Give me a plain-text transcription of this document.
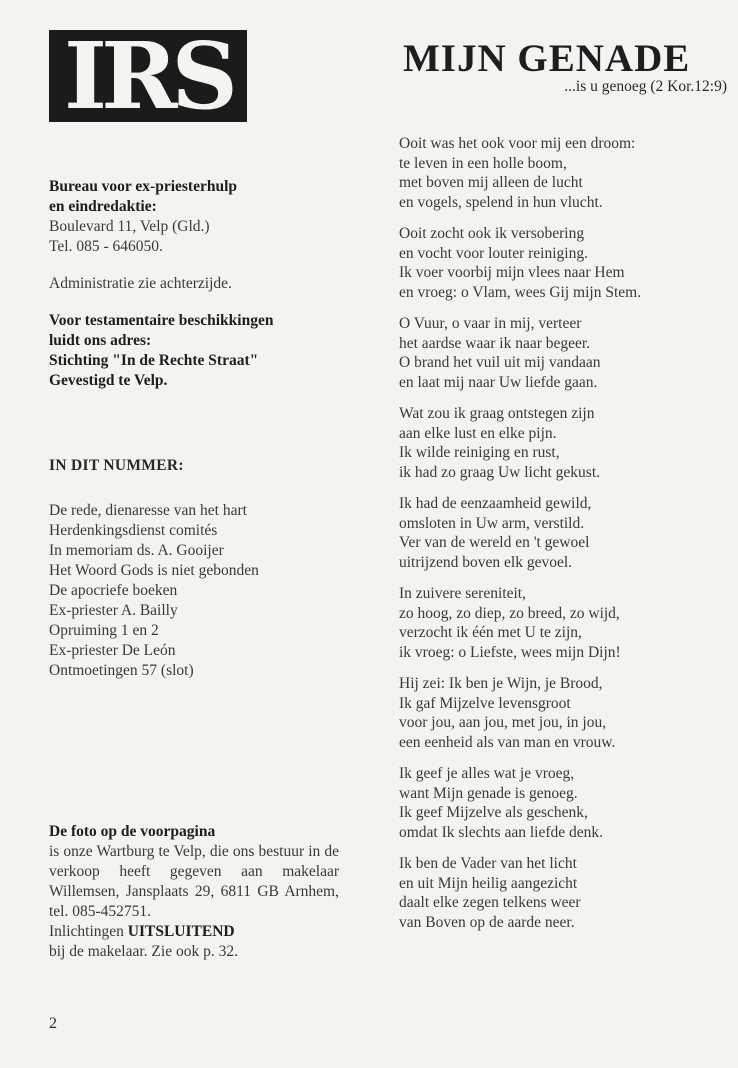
IRS
Bureau voor ex-priesterhulp
en eindredaktie:
Boulevard 11, Velp (Gld.)
Tel. 085 - 646050.
Administratie zie achterzijde.
Voor testamentaire beschikkingen
luidt ons adres:
Stichting "In de Rechte Straat"
Gevestigd te Velp.
IN DIT NUMMER:
De rede, dienaresse van het hart
Herdenkingsdienst comités
In memoriam ds. A. Gooijer
Het Woord Gods is niet gebonden
De apocriefe boeken
Ex-priester A. Bailly
Opruiming 1 en 2
Ex-priester De León
Ontmoetingen 57 (slot)
De foto op de voorpagina
is onze Wartburg te Velp, die ons bestuur in de verkoop heeft gegeven aan makelaar Willemsen, Jansplaats 29, 6811 GB Arnhem, tel. 085-452751.
Inlichtingen UITSLUITEND
bij de makelaar. Zie ook p. 32.
2
MIJN GENADE
...is u genoeg (2 Kor.12:9)
Ooit was het ook voor mij een droom:
te leven in een holle boom,
met boven mij alleen de lucht
en vogels, spelend in hun vlucht.
Ooit zocht ook ik versobering
en vocht voor louter reiniging.
Ik voer voorbij mijn vlees naar Hem
en vroeg: o Vlam, wees Gij mijn Stem.
O Vuur, o vaar in mij, verteer
het aardse waar ik naar begeer.
O brand het vuil uit mij vandaan
en laat mij naar Uw liefde gaan.
Wat zou ik graag ontstegen zijn
aan elke lust en elke pijn.
Ik wilde reiniging en rust,
ik had zo graag Uw licht gekust.
Ik had de eenzaamheid gewild,
omsloten in Uw arm, verstild.
Ver van de wereld en 't gewoel
uitrijzend boven elk gevoel.
In zuivere sereniteit,
zo hoog, zo diep, zo breed, zo wijd,
verzocht ik één met U te zijn,
ik vroeg: o Liefste, wees mijn Dijn!
Hij zei: Ik ben je Wijn, je Brood,
Ik gaf Mijzelve levensgroot
voor jou, aan jou, met jou, in jou,
een eenheid als van man en vrouw.
Ik geef je alles wat je vroeg,
want Mijn genade is genoeg.
Ik geef Mijzelve als geschenk,
omdat Ik slechts aan liefde denk.
Ik ben de Vader van het licht
en uit Mijn heilig aangezicht
daalt elke zegen telkens weer
van Boven op de aarde neer.
